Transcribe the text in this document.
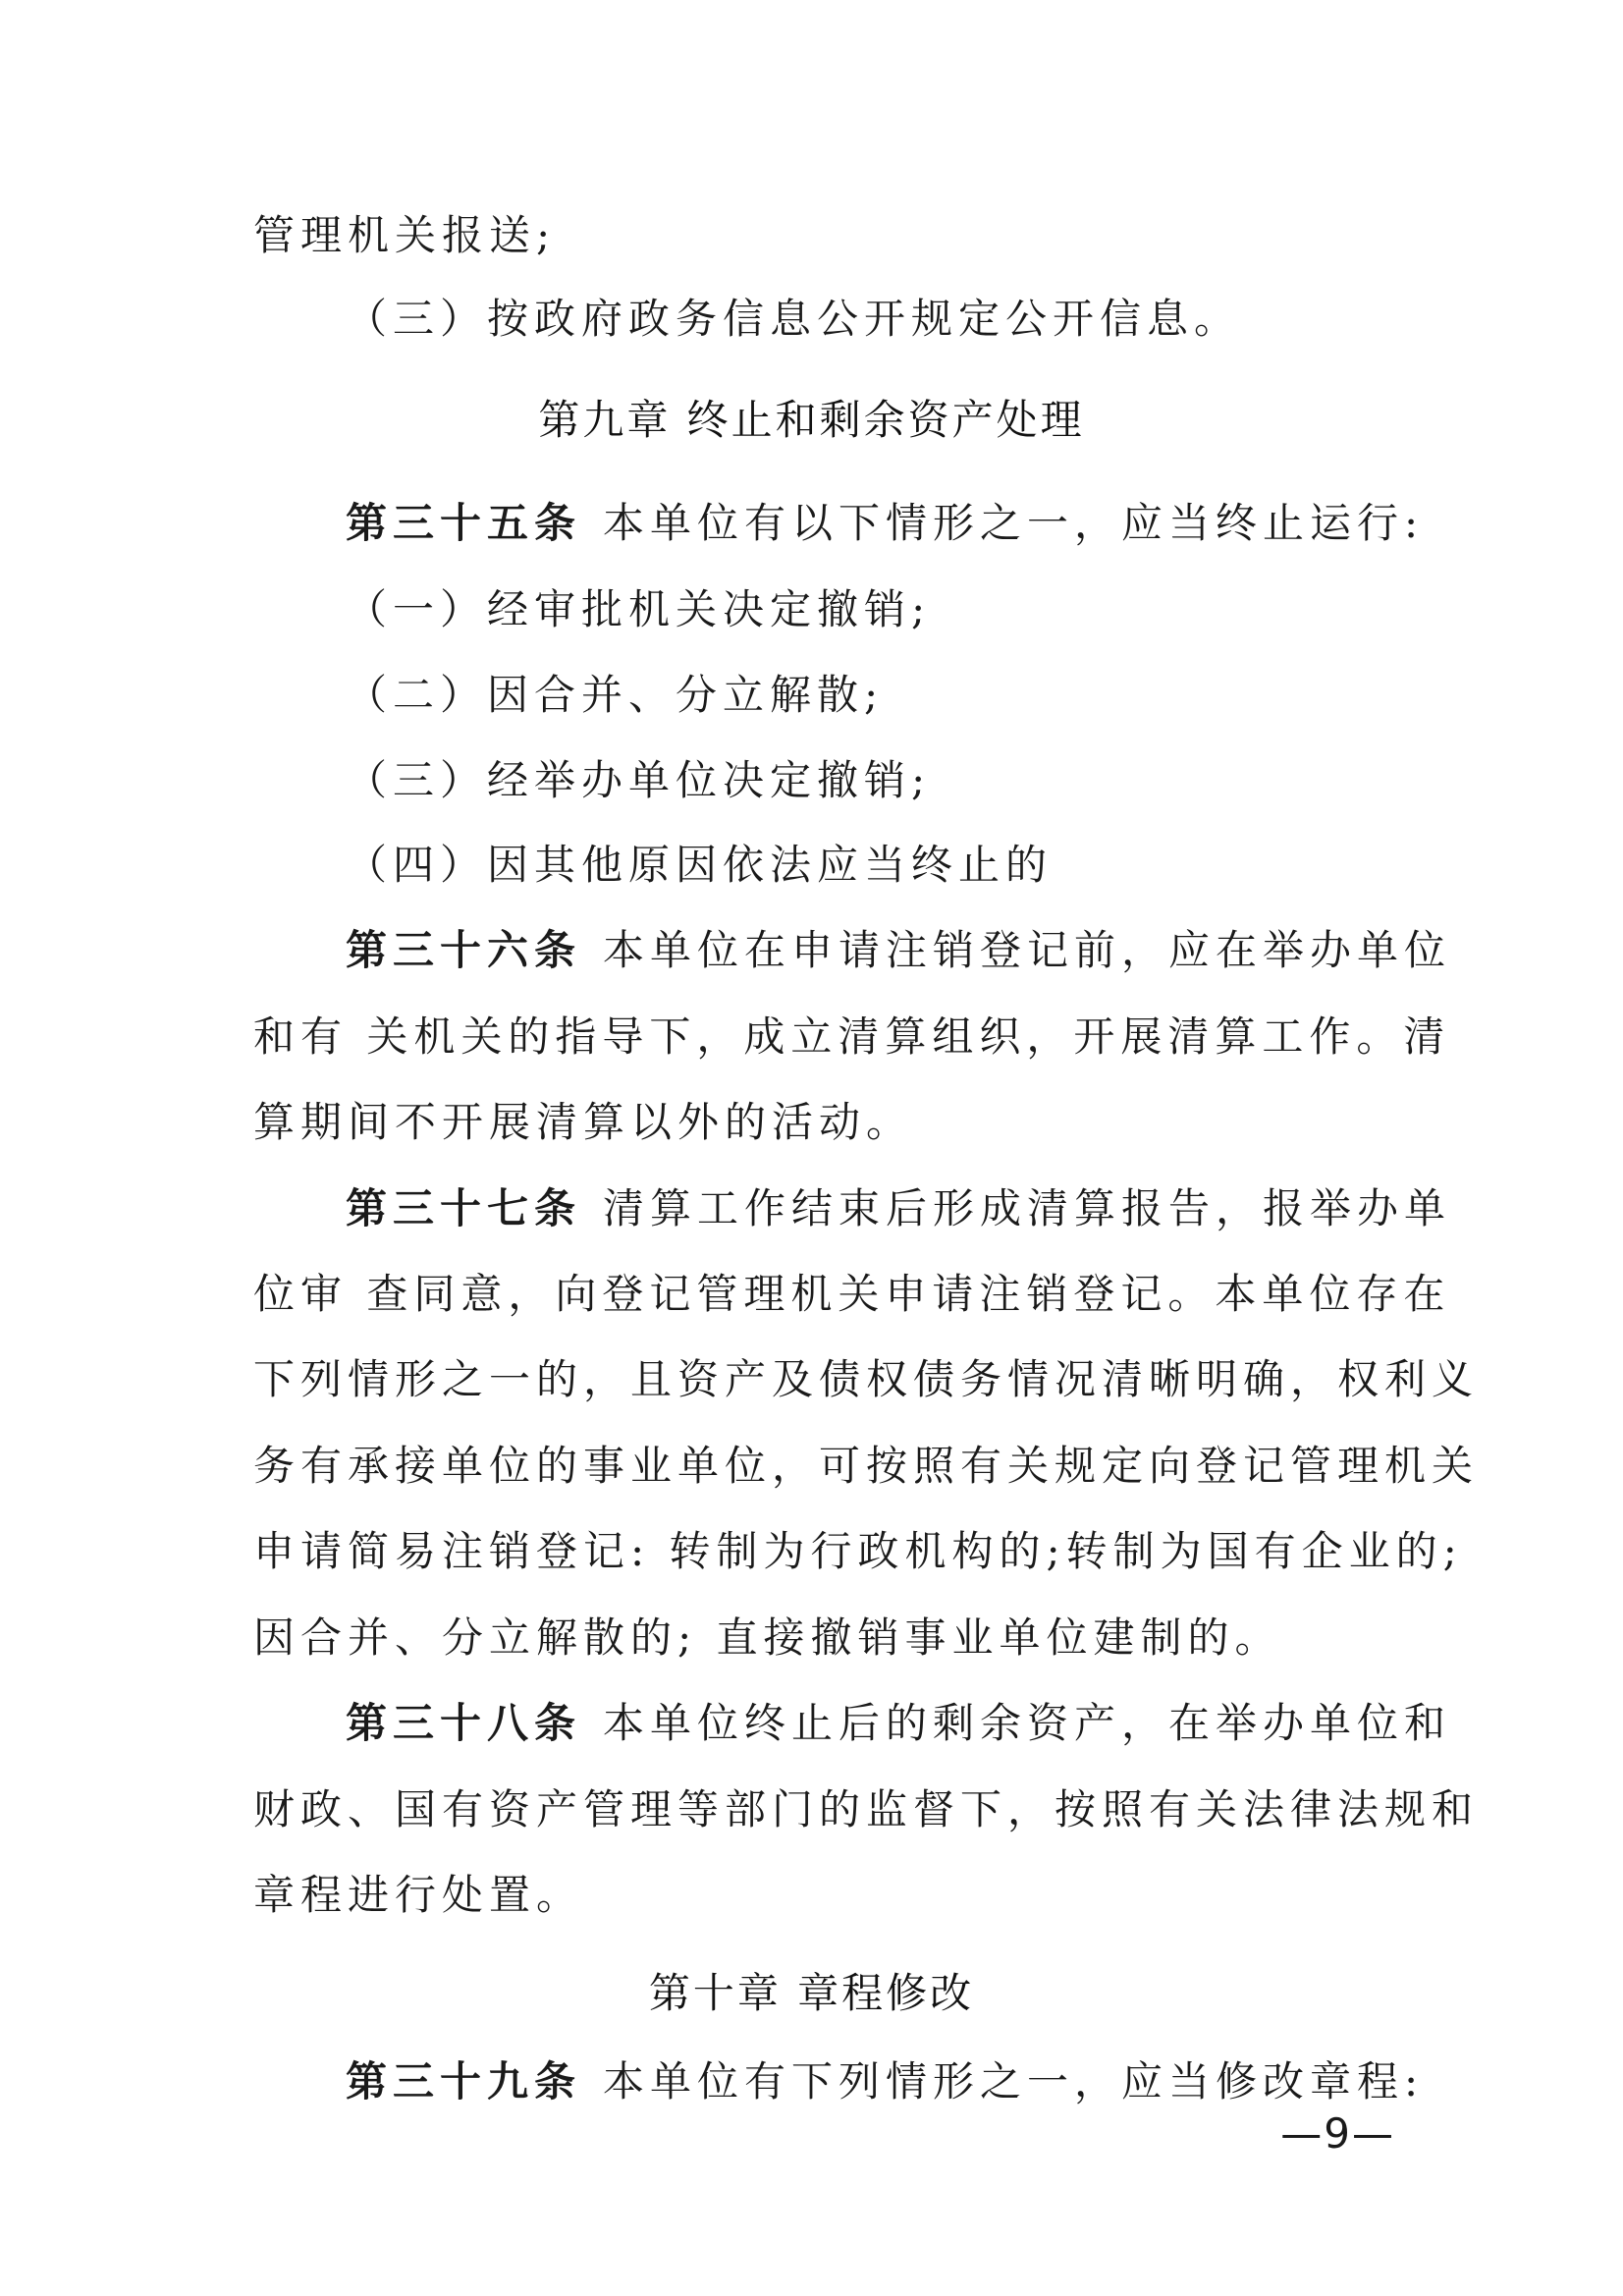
管理机关报送;
（三）按政府政务信息公开规定公开信息。
第九章 终止和剩余资产处理
第三十五条 本单位有以下情形之一，应当终止运行:
（一）经审批机关决定撤销;
（二）因合并、分立解散;
（三）经举办单位决定撤销;
（四）因其他原因依法应当终止的
第三十六条 本单位在申请注销登记前，应在举办单位
和有 关机关的指导下，成立清算组织，开展清算工作。清
算期间不开展清算以外的活动。
第三十七条 清算工作结束后形成清算报告，报举办单
位审 查同意，向登记管理机关申请注销登记。本单位存在
下列情形之一的，且资产及债权债务情况清晰明确，权利义
务有承接单位的事业单位，可按照有关规定向登记管理机关
申请简易注销登记: 转制为行政机构的;转制为国有企业的;
因合并、分立解散的; 直接撤销事业单位建制的。
第三十八条 本单位终止后的剩余资产，在举办单位和
财政、国有资产管理等部门的监督下，按照有关法律法规和
章程进行处置。
第十章 章程修改
第三十九条 本单位有下列情形之一，应当修改章程:
—9—
